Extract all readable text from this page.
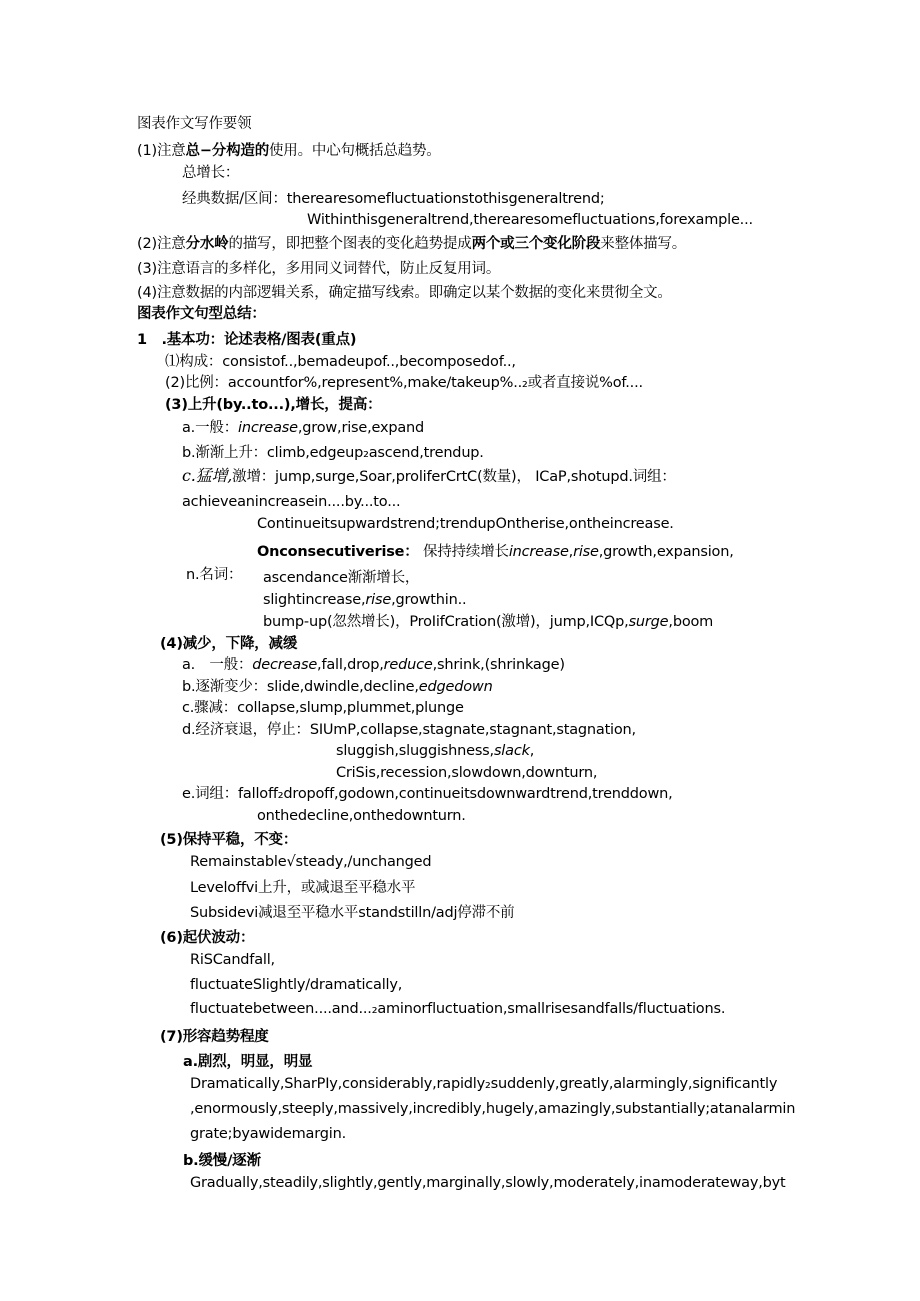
图表作文写作要领
(1)注意总−分构造的使用。中心句概括总趋势。
总增长：
经典数据/区间：therearesomefluctuationstothisgeneraltrend;
Withinthisgeneraltrend,therearesomefluctuations,forexample...
(2)注意分水岭的描写，即把整个图表的变化趋势提成两个或三个变化阶段来整体描写。
(3)注意语言的多样化，多用同义词替代，防止反复用词。
(4)注意数据的内部逻辑关系，确定描写线索。即确定以某个数据的变化来贯彻全文。
图表作文句型总结：
1 .基本功：论述表格/图表(重点)
⑴构成：consistof..,bemadeupof..,becomposedof..,
(2)比例：accountfor%,represent%,make/takeup%..₂或者直接说%of....
(3)上升(by..to...),增长，提高：
a.一般：increase,grow,rise,expand
b.渐渐上升：climb,edgeup₂ascend,trendup.
c.猛增,激增：jump,surge,Soar,proliferCrtC(数量)， ICaP,shotupd.词组：
achieveanincreasein....by...to...
Continueitsupwardstrend;trendupOntherise,ontheincrease.
Onconsecutiverise： 保持持续增长increase,rise,growth,expansion,
n.名词： ascendance渐渐增长，
slightincrease,rise,growthin..
bump-up(忽然增长)，ProIifCration(激增)，jump,ICQp,surge,boom
(4)减少，下降，减缓
a.　一般：decrease,fall,drop,reduce,shrink,(shrinkage)
b.逐渐变少：slide,dwindle,decline,edgedown
c.骤减：collapse,slump,plummet,plunge
d.经济衰退，停止：SIUmP,collapse,stagnate,stagnant,stagnation,
sluggish,sluggishness,slack,
CriSis,recession,slowdown,downturn,
e.词组：falloff₂dropoff,godown,continueitsdownwardtrend,trenddown,
onthedecline,onthedownturn.
(5)保持平稳，不变：
Remainstable√steady,/unchanged
Leveloffvi上升，或减退至平稳水平
Subsidevi减退至平稳水平standstilln/adj停滞不前
(6)起伏波动：
RiSCandfall,
fluctuateSlightly/dramatically,
fluctuatebetween....and...₂aminorfluctuation,smallrisesandfalls/fluctuations.
(7)形容趋势程度
a.剧烈，明显，明显
Dramatically,SharPIy,considerably,rapidly₂suddenly,greatly,alarmingly,significantly
,enormously,steeply,massively,incredibly,hugely,amazingly,substantially;atanalarmin
grate;byawidemargin.
b.缓慢/逐渐
Gradually,steadily,slightly,gently,marginally,slowly,moderately,inamoderateway,byt
